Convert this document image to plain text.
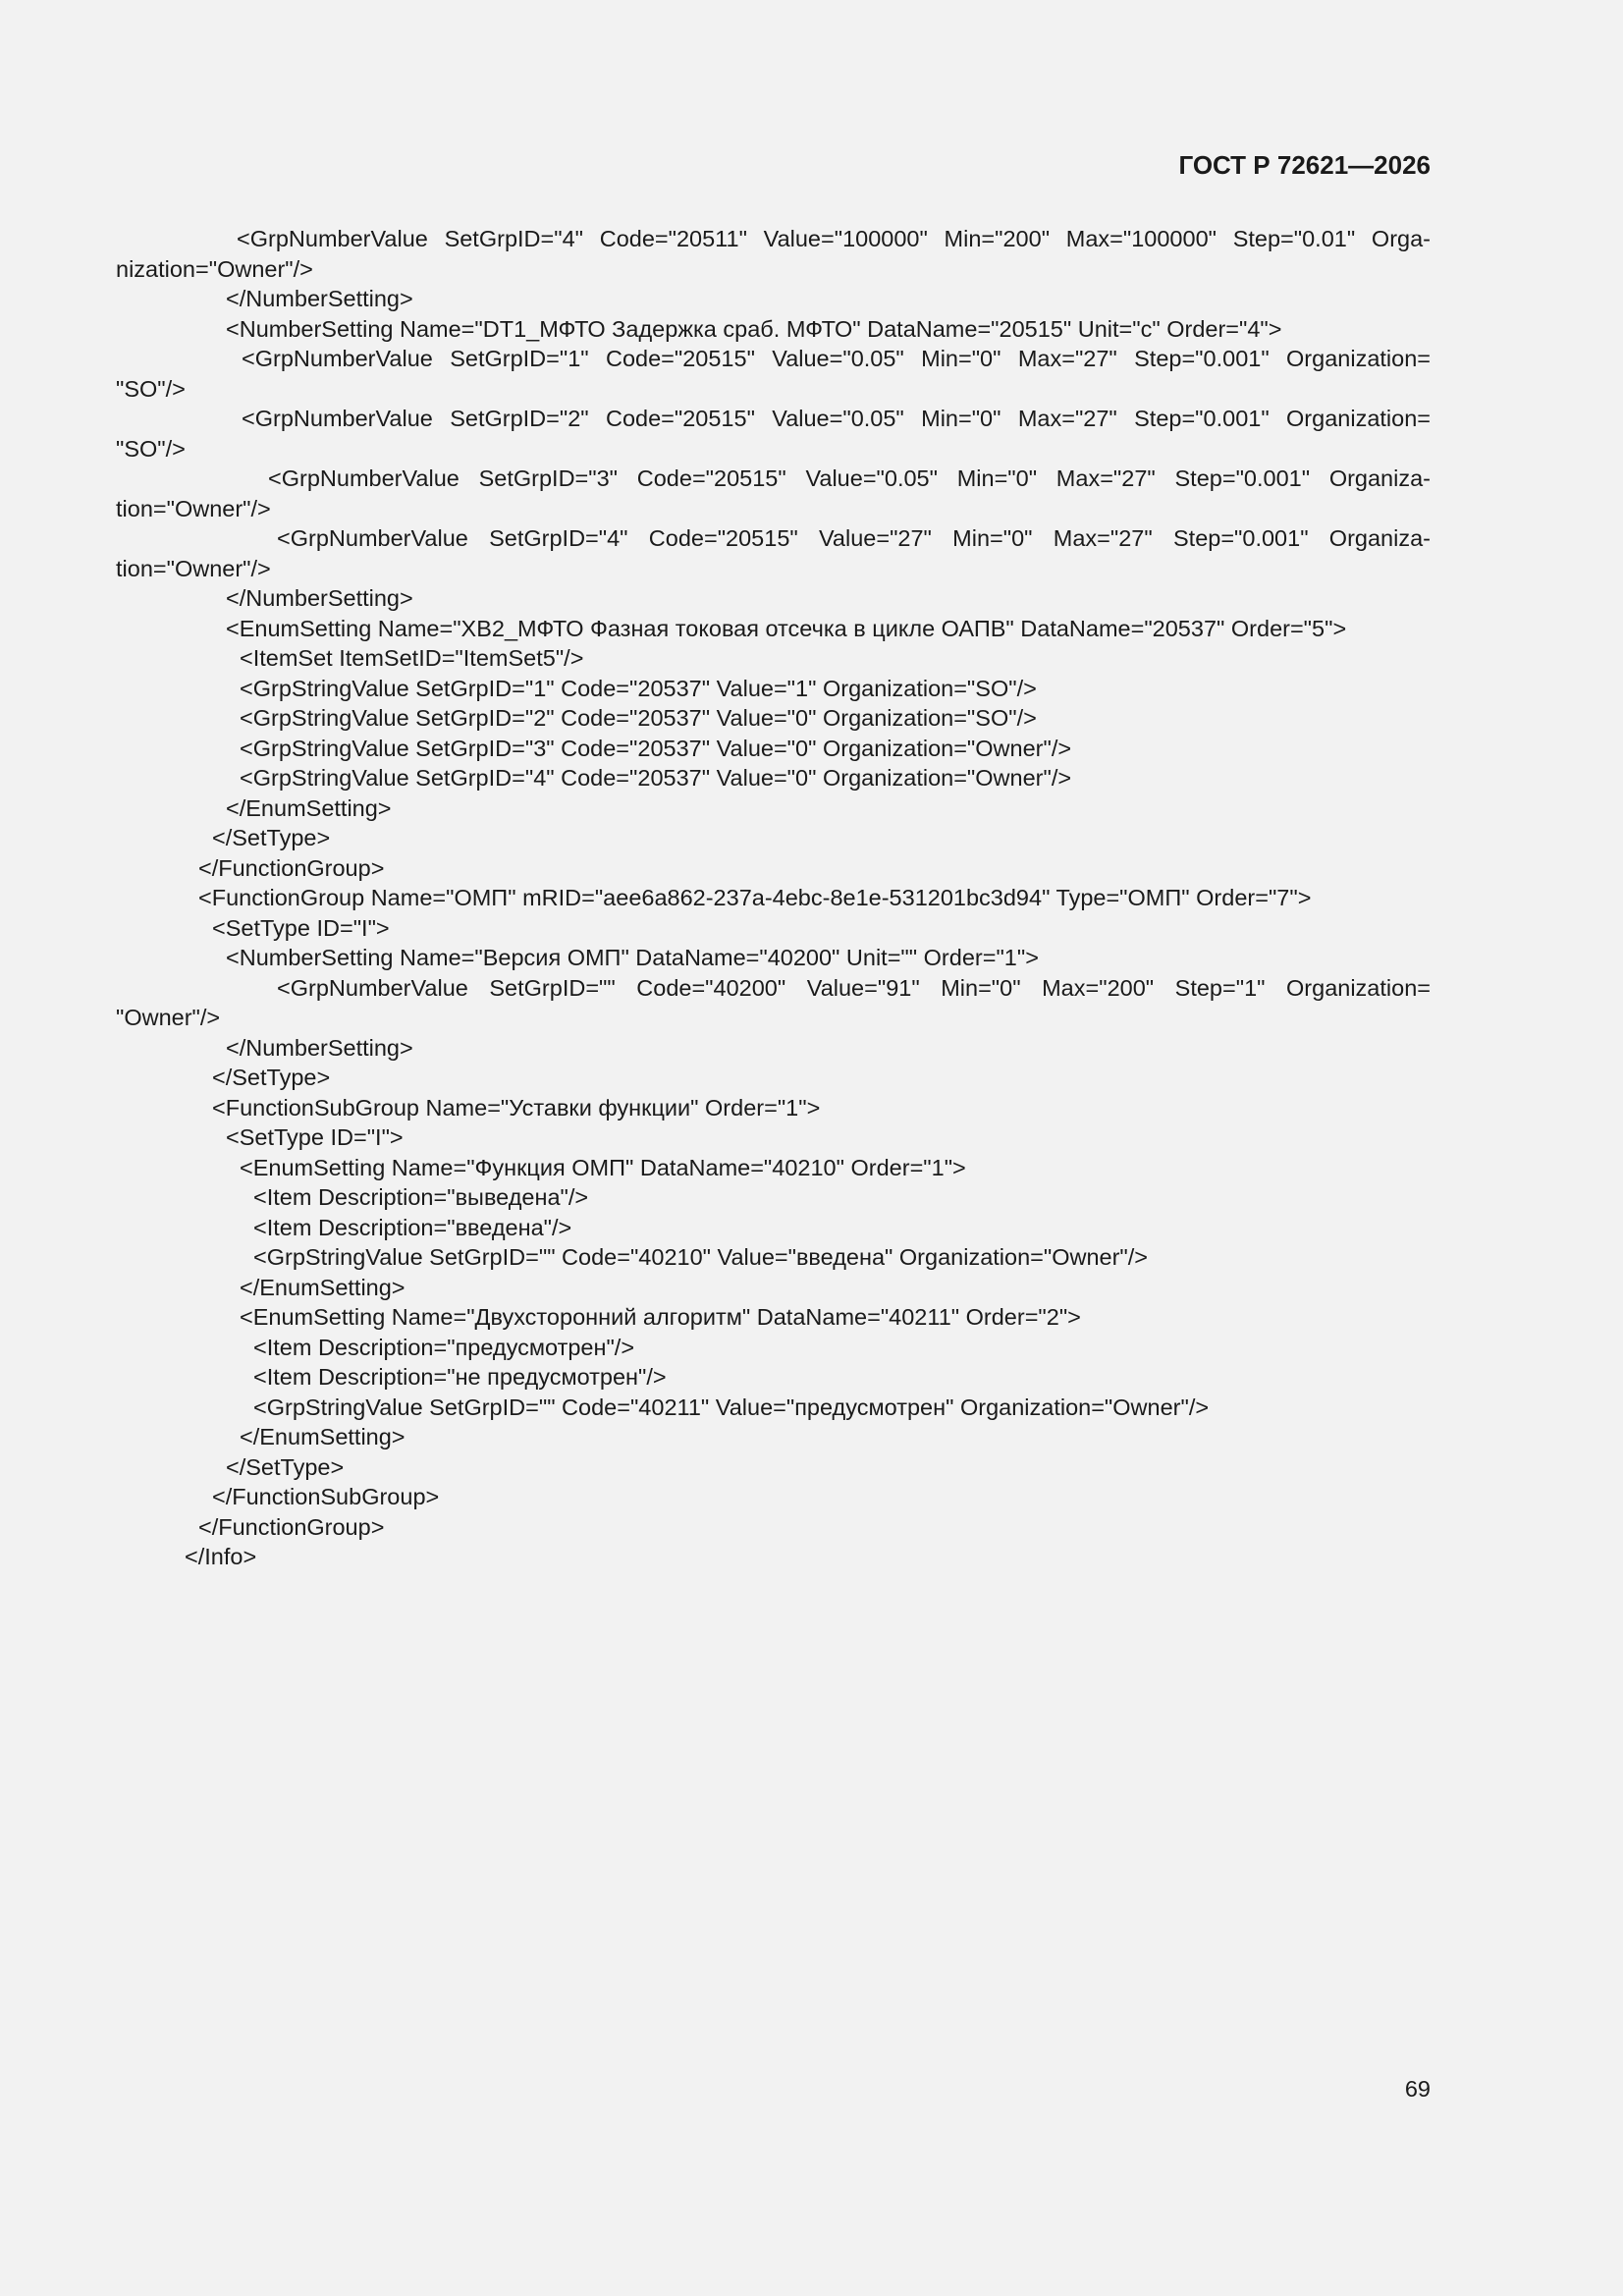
ГОСТ Р 72621—2026
<GrpNumberValue SetGrpID="4" Code="20511" Value="100000" Min="200" Max="100000" Step="0.01" Orga-
nization="Owner"/>
</NumberSetting>
<NumberSetting Name="DT1_МФТО Задержка сраб. МФТО" DataName="20515" Unit="с" Order="4">
<GrpNumberValue SetGrpID="1" Code="20515" Value="0.05" Min="0" Max="27" Step="0.001" Organization=
"SO"/>
<GrpNumberValue SetGrpID="2" Code="20515" Value="0.05" Min="0" Max="27" Step="0.001" Organization=
"SO"/>
<GrpNumberValue SetGrpID="3" Code="20515" Value="0.05" Min="0" Max="27" Step="0.001" Organiza-
tion="Owner"/>
<GrpNumberValue SetGrpID="4" Code="20515" Value="27" Min="0" Max="27" Step="0.001" Organiza-
tion="Owner"/>
</NumberSetting>
<EnumSetting Name="XB2_МФТО Фазная токовая отсечка в цикле ОАПВ" DataName="20537" Order="5">
<ItemSet ItemSetID="ItemSet5"/>
<GrpStringValue SetGrpID="1" Code="20537" Value="1" Organization="SO"/>
<GrpStringValue SetGrpID="2" Code="20537" Value="0" Organization="SO"/>
<GrpStringValue SetGrpID="3" Code="20537" Value="0" Organization="Owner"/>
<GrpStringValue SetGrpID="4" Code="20537" Value="0" Organization="Owner"/>
</EnumSetting>
</SetType>
</FunctionGroup>
<FunctionGroup Name="ОМП" mRID="aee6a862-237a-4ebc-8e1e-531201bc3d94" Type="ОМП" Order="7">
<SetType ID="I">
<NumberSetting Name="Версия ОМП" DataName="40200" Unit="" Order="1">
<GrpNumberValue SetGrpID="" Code="40200" Value="91" Min="0" Max="200" Step="1" Organization=
"Owner"/>
</NumberSetting>
</SetType>
<FunctionSubGroup Name="Уставки функции" Order="1">
<SetType ID="I">
<EnumSetting Name="Функция ОМП" DataName="40210" Order="1">
<Item Description="выведена"/>
<Item Description="введена"/>
<GrpStringValue SetGrpID="" Code="40210" Value="введена" Organization="Owner"/>
</EnumSetting>
<EnumSetting Name="Двухсторонний алгоритм" DataName="40211" Order="2">
<Item Description="предусмотрен"/>
<Item Description="не предусмотрен"/>
<GrpStringValue SetGrpID="" Code="40211" Value="предусмотрен" Organization="Owner"/>
</EnumSetting>
</SetType>
</FunctionSubGroup>
</FunctionGroup>
</Info>
69
